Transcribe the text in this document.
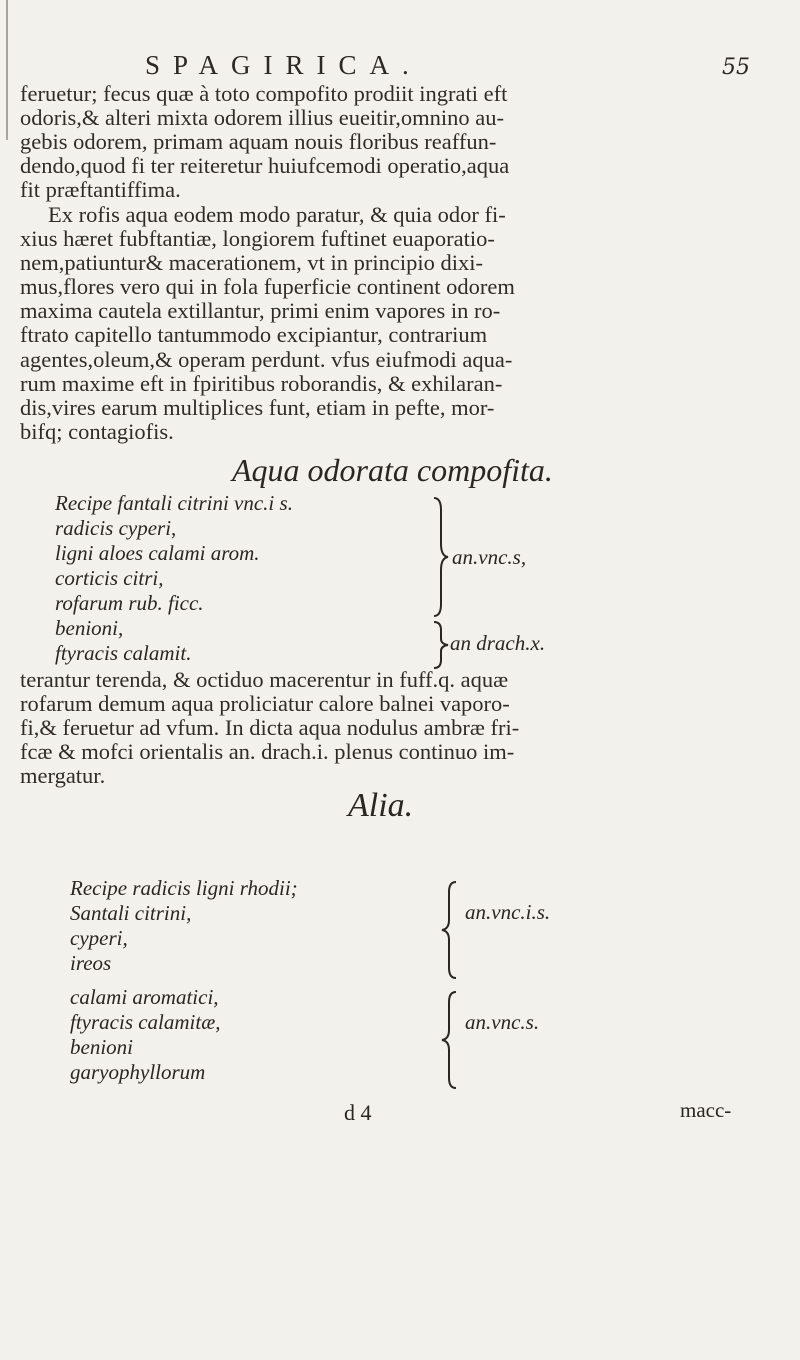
SPAGIRICA.	55
feruetur; fecus quæ à toto compofito prodiit ingrati eft
odoris,& alteri mixta odorem illius eueitir,omnino au-
gebis odorem, primam aquam nouis floribus reaffun-
dendo,quod fi ter reiteretur huiufcemodi operatio,aqua
fit præftantiffima.
Ex rofis aqua eodem modo paratur, & quia odor fi-
xius hæret fubftantiæ, longiorem fuftinet euaporatio-
nem,patiuntur& macerationem, vt in principio dixi-
mus,flores vero qui in fola fuperficie continent odorem
maxima cautela extillantur, primi enim vapores in ro-
ftrato capitello tantummodo excipiantur, contrarium
agentes,oleum,& operam perdunt. vfus eiufmodi aqua-
rum maxime eft in fpiritibus roborandis, & exhilaran-
dis,vires earum multiplices funt, etiam in pefte, mor-
bifq; contagiofis.
Aqua odorata compofita.
Recipe fantali citrini vnc.i s.
radicis cyperi,
ligni aloes calami arom.
corticis citri,
rofarum rub. ficc.
an.vnc.s,
benioni,
ftyracis calamit.	an drach.x.
terantur terenda, & octiduo macerentur in fuff.q. aquæ
rofarum demum aqua proliciatur calore balnei vaporo-
fi,& feruetur ad vfum. In dicta aqua nodulus ambræ fri-
fcæ & mofci orientalis an. drach.i. plenus continuo im-
mergatur.
Alia.
Recipe radicis ligni rhodii;
Santali citrini,
cyperi,
ireos
an.vnc.i.s.
calami aromatici,
ftyracis calamitæ,
benioni
garyophyllorum
an.vnc.s.
d 4	macc-
